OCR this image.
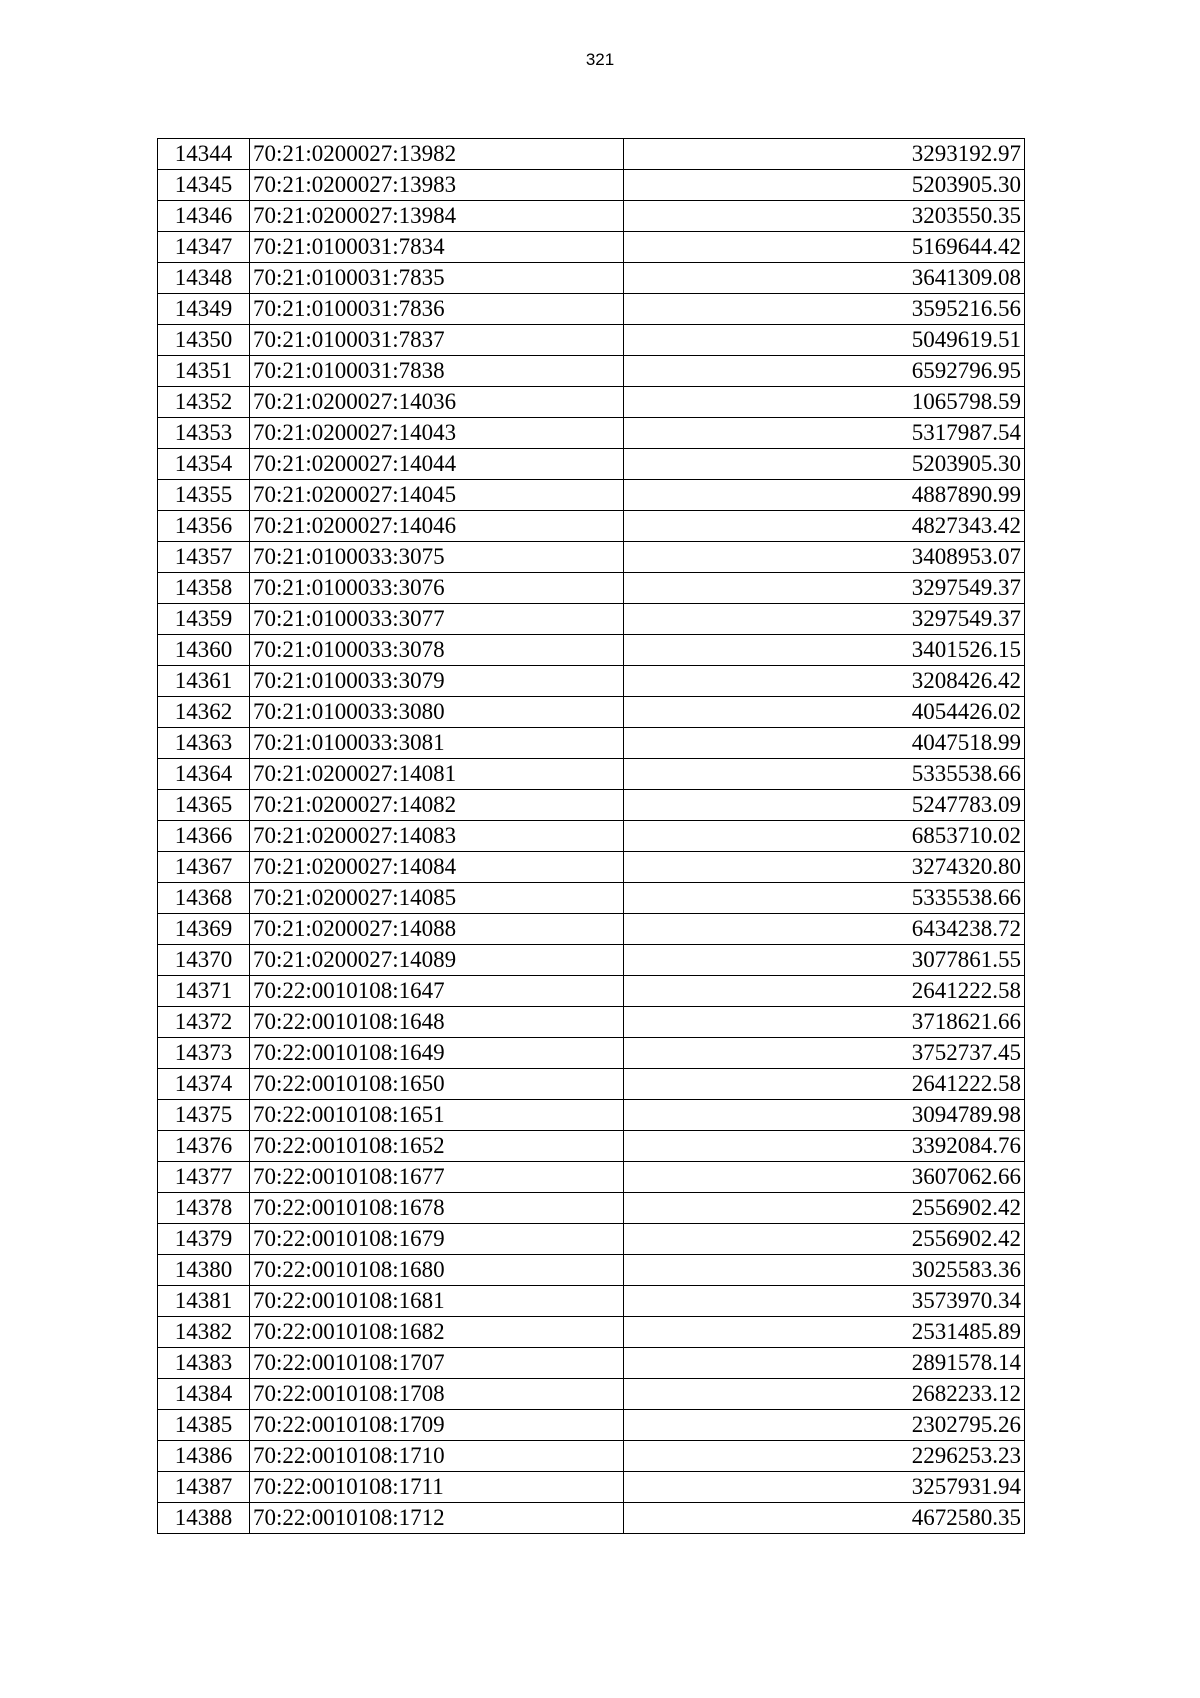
321
14344	70:21:0200027:13982	3293192.97
14345	70:21:0200027:13983	5203905.30
14346	70:21:0200027:13984	3203550.35
14347	70:21:0100031:7834	5169644.42
14348	70:21:0100031:7835	3641309.08
14349	70:21:0100031:7836	3595216.56
14350	70:21:0100031:7837	5049619.51
14351	70:21:0100031:7838	6592796.95
14352	70:21:0200027:14036	1065798.59
14353	70:21:0200027:14043	5317987.54
14354	70:21:0200027:14044	5203905.30
14355	70:21:0200027:14045	4887890.99
14356	70:21:0200027:14046	4827343.42
14357	70:21:0100033:3075	3408953.07
14358	70:21:0100033:3076	3297549.37
14359	70:21:0100033:3077	3297549.37
14360	70:21:0100033:3078	3401526.15
14361	70:21:0100033:3079	3208426.42
14362	70:21:0100033:3080	4054426.02
14363	70:21:0100033:3081	4047518.99
14364	70:21:0200027:14081	5335538.66
14365	70:21:0200027:14082	5247783.09
14366	70:21:0200027:14083	6853710.02
14367	70:21:0200027:14084	3274320.80
14368	70:21:0200027:14085	5335538.66
14369	70:21:0200027:14088	6434238.72
14370	70:21:0200027:14089	3077861.55
14371	70:22:0010108:1647	2641222.58
14372	70:22:0010108:1648	3718621.66
14373	70:22:0010108:1649	3752737.45
14374	70:22:0010108:1650	2641222.58
14375	70:22:0010108:1651	3094789.98
14376	70:22:0010108:1652	3392084.76
14377	70:22:0010108:1677	3607062.66
14378	70:22:0010108:1678	2556902.42
14379	70:22:0010108:1679	2556902.42
14380	70:22:0010108:1680	3025583.36
14381	70:22:0010108:1681	3573970.34
14382	70:22:0010108:1682	2531485.89
14383	70:22:0010108:1707	2891578.14
14384	70:22:0010108:1708	2682233.12
14385	70:22:0010108:1709	2302795.26
14386	70:22:0010108:1710	2296253.23
14387	70:22:0010108:1711	3257931.94
14388	70:22:0010108:1712	4672580.35
